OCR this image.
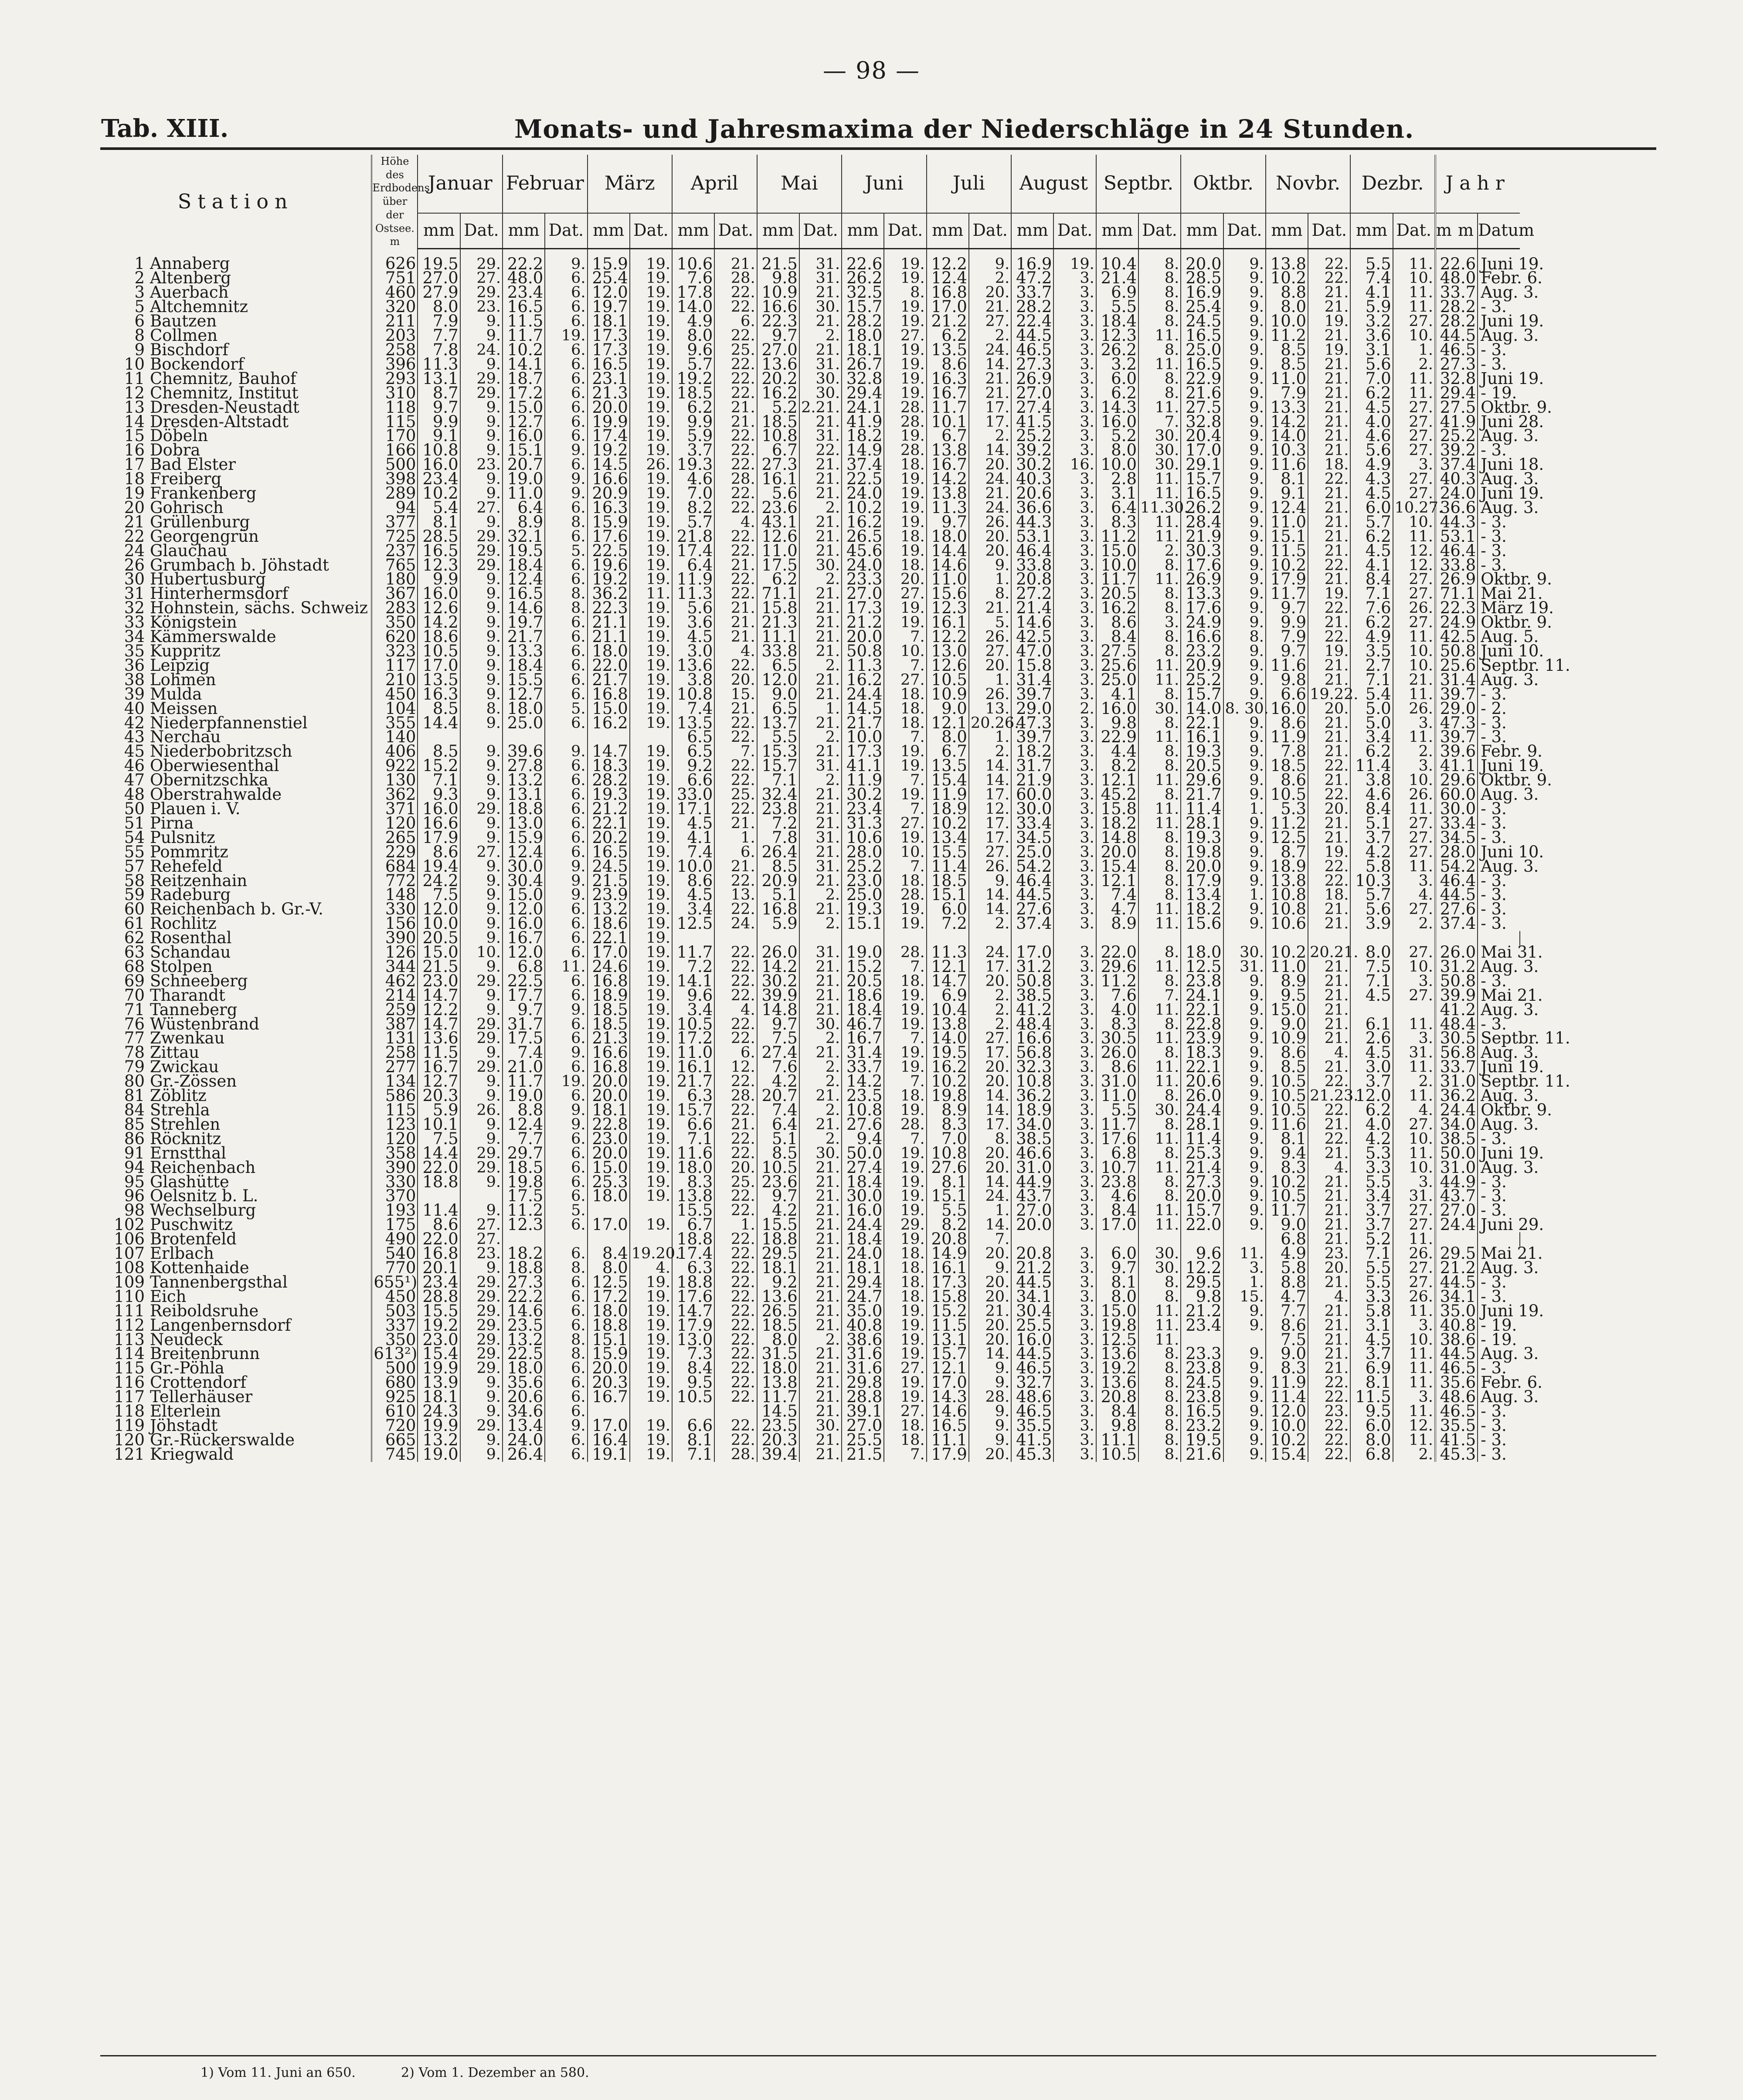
— 98 —
Tab. XIII.	Monats- und Jahresmaxima der Niederschläge in 24 Stunden.
Station	Höhe des Erdbodens über der Ostsee. m	Januar		Februar		März		April		Mai		Juni		Juli		August		Septbr.		Oktbr.		Novbr.		Dezbr.		Jahr		
		mm	Dat.	mm	Dat.	mm	Dat.	mm	Dat.	mm	Dat.	mm	Dat.	mm	Dat.	mm	Dat.	mm	Dat.	mm	Dat.	mm	Dat.	mm	Dat.	mm	Datum	
1 Annaberg	626	19.5	29.	22.2	9.	15.9	19.	10.6	21.	21.5	31.	22.6	19.	12.2	9.	16.9	19.	10.4	8.	20.0	9.	13.8	22.	5.5	11.	22.6	Juni 19.	
2 Altenberg	751	27.0	27.	48.0	6.	25.4	19.	7.6	28.	9.8	31.	26.2	19.	12.4	2.	47.2	3.	21.4	8.	28.5	9.	10.2	22.	7.4	10.	48.0	Febr. 6.	
3 Auerbach	460	27.9	29.	23.4	6.	12.0	19.	17.8	22.	10.9	21.	32.5	8.	16.8	20.	33.7	3.	6.9	8.	16.9	9.	8.8	21.	4.1	11.	33.7	Aug. 3.	
5 Altchemnitz	320	8.0	23.	16.5	6.	19.7	19.	14.0	22.	16.6	30.	15.7	19.	17.0	21.	28.2	3.	5.5	8.	25.4	9.	8.0	21.	5.9	11.	28.2	- 3.	
6 Bautzen	211	7.9	9.	11.5	6.	18.1	19.	4.9	6.	22.3	21.	28.2	19.	21.2	27.	22.4	3.	18.4	8.	24.5	9.	10.0	19.	3.2	27.	28.2	Juni 19.	
8 Collmen	203	7.7	9.	11.7	19.	17.3	19.	8.0	22.	9.7	2.	18.0	27.	6.2	2.	44.5	3.	12.3	11.	16.5	9.	11.2	21.	3.6	10.	44.5	Aug. 3.	
9 Bischdorf	258	7.8	24.	10.2	6.	17.3	19.	9.6	25.	27.0	21.	18.1	19.	13.5	24.	46.5	3.	26.2	8.	25.0	9.	8.5	19.	3.1	1.	46.5	- 3.	
10 Bockendorf	396	11.3	9.	14.1	6.	16.5	19.	5.7	22.	13.6	31.	26.7	19.	8.6	14.	27.3	3.	3.2	11.	16.5	9.	8.5	21.	5.6	2.	27.3	- 3.	
11 Chemnitz, Bauhof	293	13.1	29.	18.7	6.	23.1	19.	19.2	22.	20.2	30.	32.8	19.	16.3	21.	26.9	3.	6.0	8.	22.9	9.	11.0	21.	7.0	11.	32.8	Juni 19.	
12 Chemnitz, Institut	310	8.7	29.	17.2	6.	21.3	19.	18.5	22.	16.2	30.	29.4	19.	16.7	21.	27.0	3.	6.2	8.	21.6	9.	7.9	21.	6.2	11.	29.4	- 19.	
13 Dresden-Neustadt	118	9.7	9.	15.0	6.	20.0	19.	6.2	21.	5.2	2.21.	24.1	28.	11.7	17.	27.4	3.	14.3	11.	27.5	9.	13.3	21.	4.5	27.	27.5	Oktbr. 9.	
14 Dresden-Altstadt	115	9.9	9.	12.7	6.	19.9	19.	9.9	21.	18.5	21.	41.9	28.	10.1	17.	41.5	3.	16.0	7.	32.8	9.	14.2	21.	4.0	27.	41.9	Juni 28.	
15 Döbeln	170	9.1	9.	16.0	6.	17.4	19.	5.9	22.	10.8	31.	18.2	19.	6.7	2.	25.2	3.	5.2	30.	20.4	9.	14.0	21.	4.6	27.	25.2	Aug. 3.	
16 Dobra	166	10.8	9.	15.1	9.	19.2	19.	3.7	22.	6.7	22.	14.9	28.	13.8	14.	39.2	3.	8.0	30.	17.0	9.	10.3	21.	5.6	27.	39.2	- 3.	
17 Bad Elster	500	16.0	23.	20.7	6.	14.5	26.	19.3	22.	27.3	21.	37.4	18.	16.7	20.	30.2	16.	10.0	30.	29.1	9.	11.6	18.	4.9	3.	37.4	Juni 18.	
18 Freiberg	398	23.4	9.	19.0	9.	16.6	19.	4.6	28.	16.1	21.	22.5	19.	14.2	24.	40.3	3.	2.8	11.	15.7	9.	8.1	22.	4.3	27.	40.3	Aug. 3.	
19 Frankenberg	289	10.2	9.	11.0	9.	20.9	19.	7.0	22.	5.6	21.	24.0	19.	13.8	21.	20.6	3.	3.1	11.	16.5	9.	9.1	21.	4.5	27.	24.0	Juni 19.	
20 Gohrisch	94	5.4	27.	6.4	6.	16.3	19.	8.2	22.	23.6	2.	10.2	19.	11.3	24.	36.6	3.	6.4	11.30.	26.2	9.	12.4	21.	6.0	10.27.	36.6	Aug. 3.	
21 Grüllenburg	377	8.1	9.	8.9	8.	15.9	19.	5.7	4.	43.1	21.	16.2	19.	9.7	26.	44.3	3.	8.3	11.	28.4	9.	11.0	21.	5.7	10.	44.3	- 3.	
22 Georgengrün	725	28.5	29.	32.1	6.	17.6	19.	21.8	22.	12.6	21.	26.5	18.	18.0	20.	53.1	3.	11.2	11.	21.9	9.	15.1	21.	6.2	11.	53.1	- 3.	
24 Glauchau	237	16.5	29.	19.5	5.	22.5	19.	17.4	22.	11.0	21.	45.6	19.	14.4	20.	46.4	3.	15.0	2.	30.3	9.	11.5	21.	4.5	12.	46.4	- 3.	
26 Grumbach b. Jöhstadt	765	12.3	29.	18.4	6.	19.6	19.	6.4	21.	17.5	30.	24.0	18.	14.6	9.	33.8	3.	10.0	8.	17.6	9.	10.2	22.	4.1	12.	33.8	- 3.	
30 Hubertusburg	180	9.9	9.	12.4	6.	19.2	19.	11.9	22.	6.2	2.	23.3	20.	11.0	1.	20.8	3.	11.7	11.	26.9	9.	17.9	21.	8.4	27.	26.9	Oktbr. 9.	
31 Hinterhermsdorf	367	16.0	9.	16.5	8.	36.2	11.	11.3	22.	71.1	21.	27.0	27.	15.6	8.	27.2	3.	20.5	8.	13.3	9.	11.7	19.	7.1	27.	71.1	Mai 21.	
32 Hohnstein, sächs. Schweiz	283	12.6	9.	14.6	8.	22.3	19.	5.6	21.	15.8	21.	17.3	19.	12.3	21.	21.4	3.	16.2	8.	17.6	9.	9.7	22.	7.6	26.	22.3	März 19.	
33 Königstein	350	14.2	9.	19.7	6.	21.1	19.	3.6	21.	21.3	21.	21.2	19.	16.1	5.	14.6	3.	8.6	3.	24.9	9.	9.9	21.	6.2	27.	24.9	Oktbr. 9.	
34 Kämmerswalde	620	18.6	9.	21.7	6.	21.1	19.	4.5	21.	11.1	21.	20.0	7.	12.2	26.	42.5	3.	8.4	8.	16.6	8.	7.9	22.	4.9	11.	42.5	Aug. 5.	
35 Kuppritz	323	10.5	9.	13.3	6.	18.0	19.	3.0	4.	33.8	21.	50.8	10.	13.0	27.	47.0	3.	27.5	8.	23.2	9.	9.7	19.	3.5	10.	50.8	Juni 10.	
36 Leipzig	117	17.0	9.	18.4	6.	22.0	19.	13.6	22.	6.5	2.	11.3	7.	12.6	20.	15.8	3.	25.6	11.	20.9	9.	11.6	21.	2.7	10.	25.6	Septbr. 11.	
38 Lohmen	210	13.5	9.	15.5	6.	21.7	19.	3.8	20.	12.0	21.	16.2	27.	10.5	1.	31.4	3.	25.0	11.	25.2	9.	9.8	21.	7.1	21.	31.4	Aug. 3.	
39 Mulda	450	16.3	9.	12.7	6.	16.8	19.	10.8	15.	9.0	21.	24.4	18.	10.9	26.	39.7	3.	4.1	8.	15.7	9.	6.6	19.22.	5.4	11.	39.7	- 3.	
40 Meissen	104	8.5	8.	18.0	5.	15.0	19.	7.4	21.	6.5	1.	14.5	18.	9.0	13.	29.0	2.	16.0	30.	14.0	8. 30.	16.0	20.	5.0	26.	29.0	- 2.	
42 Niederpfannenstiel	355	14.4	9.	25.0	6.	16.2	19.	13.5	22.	13.7	21.	21.7	18.	12.1	20.26.	47.3	3.	9.8	8.	22.1	9.	8.6	21.	5.0	3.	47.3	- 3.	
43 Nerchau	140							6.5	22.	5.5	2.	10.0	7.	8.0	1.	39.7	3.	22.9	11.	16.1	9.	11.9	21.	3.4	11.	39.7	- 3.	
45 Niederbobritzsch	406	8.5	9.	39.6	9.	14.7	19.	6.5	7.	15.3	21.	17.3	19.	6.7	2.	18.2	3.	4.4	8.	19.3	9.	7.8	21.	6.2	2.	39.6	Febr. 9.	
46 Oberwiesenthal	922	15.2	9.	27.8	6.	18.3	19.	9.2	22.	15.7	31.	41.1	19.	13.5	14.	31.7	3.	8.2	8.	20.5	9.	18.5	22.	11.4	3.	41.1	Juni 19.	
47 Obernitzschka	130	7.1	9.	13.2	6.	28.2	19.	6.6	22.	7.1	2.	11.9	7.	15.4	14.	21.9	3.	12.1	11.	29.6	9.	8.6	21.	3.8	10.	29.6	Oktbr. 9.	
48 Oberstrahwalde	362	9.3	9.	13.1	6.	19.3	19.	33.0	25.	32.4	21.	30.2	19.	11.9	17.	60.0	3.	45.2	8.	21.7	9.	10.5	22.	4.6	26.	60.0	Aug. 3.	
50 Plauen i. V.	371	16.0	29.	18.8	6.	21.2	19.	17.1	22.	23.8	21.	23.4	7.	18.9	12.	30.0	3.	15.8	11.	11.4	1.	5.3	20.	8.4	11.	30.0	- 3.	
51 Pirna	120	16.6	9.	13.0	6.	22.1	19.	4.5	21.	7.2	21.	31.3	27.	10.2	17.	33.4	3.	18.2	11.	28.1	9.	11.2	21.	5.1	27.	33.4	- 3.	
54 Pulsnitz	265	17.9	9.	15.9	6.	20.2	19.	4.1	1.	7.8	31.	10.6	19.	13.4	17.	34.5	3.	14.8	8.	19.3	9.	12.5	21.	3.7	27.	34.5	- 3.	
55 Pommritz	229	8.6	27.	12.4	6.	16.5	19.	7.4	6.	26.4	21.	28.0	10.	15.5	27.	25.0	3.	20.0	8.	19.8	9.	8.7	19.	4.2	27.	28.0	Juni 10.	
57 Rehefeld	684	19.4	9.	30.0	9.	24.5	19.	10.0	21.	8.5	31.	25.2	7.	11.4	26.	54.2	3.	15.4	8.	20.0	9.	18.9	22.	5.8	11.	54.2	Aug. 3.	
58 Reitzenhain	772	24.2	9.	30.4	9.	21.5	19.	8.6	22.	20.9	21.	23.0	18.	18.5	9.	46.4	3.	12.1	8.	17.9	9.	13.8	22.	10.3	3.	46.4	- 3.	
59 Radeburg	148	7.5	9.	15.0	9.	23.9	19.	4.5	13.	5.1	2.	25.0	28.	15.1	14.	44.5	3.	7.4	8.	13.4	1.	10.8	18.	5.7	4.	44.5	- 3.	
60 Reichenbach b. Gr.-V.	330	12.0	9.	12.0	6.	13.2	19.	3.4	22.	16.8	21.	19.3	19.	6.0	14.	27.6	3.	4.7	11.	18.2	9.	10.8	21.	5.6	27.	27.6	- 3.	
61 Rochlitz	156	10.0	9.	16.0	6.	18.6	19.	12.5	24.	5.9	2.	15.1	19.	7.2	2.	37.4	3.	8.9	11.	15.6	9.	10.6	21.	3.9	2.	37.4	- 3.	
62 Rosenthal	390	20.5	9.	16.7	6.	22.1	19.																					
63 Schandau	126	15.0	10.	12.0	6.	17.0	19.	11.7	22.	26.0	31.	19.0	28.	11.3	24.	17.0	3.	22.0	8.	18.0	30.	10.2	20.21.	8.0	27.	26.0	Mai 31.	
68 Stolpen	344	21.5	9.	6.8	11.	24.6	19.	7.2	22.	14.2	21.	15.2	7.	12.1	17.	31.2	3.	29.6	11.	12.5	31.	11.0	21.	7.5	10.	31.2	Aug. 3.	
69 Schneeberg	462	23.0	29.	22.5	6.	16.8	19.	14.1	22.	30.2	21.	20.5	18.	14.7	20.	50.8	3.	11.2	8.	23.8	9.	8.9	21.	7.1	3.	50.8	- 3.	
70 Tharandt	214	14.7	9.	17.7	6.	18.9	19.	9.6	22.	39.9	21.	18.6	19.	6.9	2.	38.5	3.	7.6	7.	24.1	9.	9.5	21.	4.5	27.	39.9	Mai 21.	
71 Tanneberg	259	12.2	9.	9.7	9.	18.5	19.	3.4	4.	14.8	21.	18.4	19.	10.4	2.	41.2	3.	4.0	11.	22.1	9.	15.0	21.			41.2	Aug. 3.	
76 Wüstenbrand	387	14.7	29.	31.7	6.	18.5	19.	10.5	22.	9.7	30.	46.7	19.	13.8	2.	48.4	3.	8.3	8.	22.8	9.	9.0	21.	6.1	11.	48.4	- 3.	
77 Zwenkau	131	13.6	29.	17.5	6.	21.3	19.	17.2	22.	7.5	2.	16.7	7.	14.0	27.	16.6	3.	30.5	11.	23.9	9.	10.9	21.	2.6	3.	30.5	Septbr. 11.	
78 Zittau	258	11.5	9.	7.4	9.	16.6	19.	11.0	6.	27.4	21.	31.4	19.	19.5	17.	56.8	3.	26.0	8.	18.3	9.	8.6	4.	4.5	31.	56.8	Aug. 3.	
79 Zwickau	277	16.7	29.	21.0	6.	16.8	19.	16.1	12.	7.6	2.	33.7	19.	16.2	20.	32.3	3.	8.6	11.	22.1	9.	8.5	21.	3.0	11.	33.7	Juni 19.	
80 Gr.-Zössen	134	12.7	9.	11.7	19.	20.0	19.	21.7	22.	4.2	2.	14.2	7.	10.2	20.	10.8	3.	31.0	11.	20.6	9.	10.5	22.	3.7	2.	31.0	Septbr. 11.	
81 Zöblitz	586	20.3	9.	19.0	6.	20.0	19.	6.3	28.	20.7	21.	23.5	18.	19.8	14.	36.2	3.	11.0	8.	26.0	9.	10.5	21.23.	12.0	11.	36.2	Aug. 3.	
84 Strehla	115	5.9	26.	8.8	9.	18.1	19.	15.7	22.	7.4	2.	10.8	19.	8.9	14.	18.9	3.	5.5	30.	24.4	9.	10.5	22.	6.2	4.	24.4	Oktbr. 9.	
85 Strehlen	123	10.1	9.	12.4	9.	22.8	19.	6.6	21.	6.4	21.	27.6	28.	8.3	17.	34.0	3.	11.7	8.	28.1	9.	11.6	21.	4.0	27.	34.0	Aug. 3.	
86 Röcknitz	120	7.5	9.	7.7	6.	23.0	19.	7.1	22.	5.1	2.	9.4	7.	7.0	8.	38.5	3.	17.6	11.	11.4	9.	8.1	22.	4.2	10.	38.5	- 3.	
91 Ernstthal	358	14.4	29.	29.7	6.	20.0	19.	11.6	22.	8.5	30.	50.0	19.	10.8	20.	46.6	3.	6.8	8.	25.3	9.	9.4	21.	5.3	11.	50.0	Juni 19.	
94 Reichenbach	390	22.0	29.	18.5	6.	15.0	19.	18.0	20.	10.5	21.	27.4	19.	27.6	20.	31.0	3.	10.7	11.	21.4	9.	8.3	4.	3.3	10.	31.0	Aug. 3.	
95 Glashütte	330	18.8	9.	19.8	6.	25.3	19.	8.3	25.	23.6	21.	18.4	19.	8.1	14.	44.9	3.	23.8	8.	27.3	9.	10.2	21.	5.5	3.	44.9	- 3.	
96 Oelsnitz b. L.	370			17.5	6.	18.0	19.	13.8	22.	9.7	21.	30.0	19.	15.1	24.	43.7	3.	4.6	8.	20.0	9.	10.5	21.	3.4	31.	43.7	- 3.	
98 Wechselburg	193	11.4	9.	11.2	5.			15.5	22.	4.2	21.	16.0	19.	5.5	1.	27.0	3.	8.4	11.	15.7	9.	11.7	21.	3.7	27.	27.0	- 3.	
102 Puschwitz	175	8.6	27.	12.3	6.	17.0	19.	6.7	1.	15.5	21.	24.4	29.	8.2	14.	20.0	3.	17.0	11.	22.0	9.	9.0	21.	3.7	27.	24.4	Juni 29.	
106 Brotenfeld	490	22.0	27.					18.8	22.	18.8	21.	18.4	19.	20.8	7.							6.8	21.	5.2	11.			
107 Erlbach	540	16.8	23.	18.2	6.	8.4	19.20.	17.4	22.	29.5	21.	24.0	18.	14.9	20.	20.8	3.	6.0	30.	9.6	11.	4.9	23.	7.1	26.	29.5	Mai 21.	
108 Kottenhaide	770	20.1	9.	18.8	8.	8.0	4.	6.3	22.	18.1	21.	18.1	18.	16.1	9.	21.2	3.	9.7	30.	12.2	3.	5.8	20.	5.5	27.	21.2	Aug. 3.	
109 Tannenbergsthal	655¹)	23.4	29.	27.3	6.	12.5	19.	18.8	22.	9.2	21.	29.4	18.	17.3	20.	44.5	3.	8.1	8.	29.5	1.	8.8	21.	5.5	27.	44.5	- 3.	
110 Eich	450	28.8	29.	22.2	6.	17.2	19.	17.6	22.	13.6	21.	24.7	18.	15.8	20.	34.1	3.	8.0	8.	9.8	15.	4.7	4.	3.3	26.	34.1	- 3.	
111 Reiboldsruhe	503	15.5	29.	14.6	6.	18.0	19.	14.7	22.	26.5	21.	35.0	19.	15.2	21.	30.4	3.	15.0	11.	21.2	9.	7.7	21.	5.8	11.	35.0	Juni 19.	
112 Langenbernsdorf	337	19.2	29.	23.5	6.	18.8	19.	17.9	22.	18.5	21.	40.8	19.	11.5	20.	25.5	3.	19.8	11.	23.4	9.	8.6	21.	3.1	3.	40.8	- 19.	
113 Neudeck	350	23.0	29.	13.2	8.	15.1	19.	13.0	22.	8.0	2.	38.6	19.	13.1	20.	16.0	3.	12.5	11.			7.5	21.	4.5	10.	38.6	- 19.	
114 Breitenbrunn	613²)	15.4	29.	22.5	8.	15.9	19.	7.3	22.	31.5	21.	31.6	19.	15.7	14.	44.5	3.	13.6	8.	23.3	9.	9.0	21.	3.7	11.	44.5	Aug. 3.	
115 Gr.-Pöhla	500	19.9	29.	18.0	6.	20.0	19.	8.4	22.	18.0	21.	31.6	27.	12.1	9.	46.5	3.	19.2	8.	23.8	9.	8.3	21.	6.9	11.	46.5	- 3.	
116 Crottendorf	680	13.9	9.	35.6	6.	20.3	19.	9.5	22.	13.8	21.	29.8	19.	17.0	9.	32.7	3.	13.6	8.	24.5	9.	11.9	22.	8.1	11.	35.6	Febr. 6.	
117 Tellerhäuser	925	18.1	9.	20.6	6.	16.7	19.	10.5	22.	11.7	21.	28.8	19.	14.3	28.	48.6	3.	20.8	8.	23.8	9.	11.4	22.	11.5	3.	48.6	Aug. 3.	
118 Elterlein	610	24.3	9.	34.6	6.					14.5	21.	39.1	27.	14.6	9.	46.5	3.	8.4	8.	16.5	9.	12.0	23.	9.5	11.	46.5	- 3.	
119 Jöhstadt	720	19.9	29.	13.4	9.	17.0	19.	6.6	22.	23.5	30.	27.0	18.	16.5	9.	35.5	3.	9.8	8.	23.2	9.	10.0	22.	6.0	12.	35.5	- 3.	
120 Gr.-Rückerswalde	665	13.2	9.	24.0	6.	16.4	19.	8.1	22.	20.3	21.	25.5	18.	11.1	9.	41.5	3.	11.1	8.	19.5	9.	10.2	22.	8.0	11.	41.5	- 3.	
121 Kriegwald	745	19.0	9.	26.4	6.	19.1	19.	7.1	28.	39.4	21.	21.5	7.	17.9	20.	45.3	3.	10.5	8.	21.6	9.	15.4	22.	6.8	2.	45.3	- 3.	
1) Vom 11. Juni an 650.	2) Vom 1. Dezember an 580.
